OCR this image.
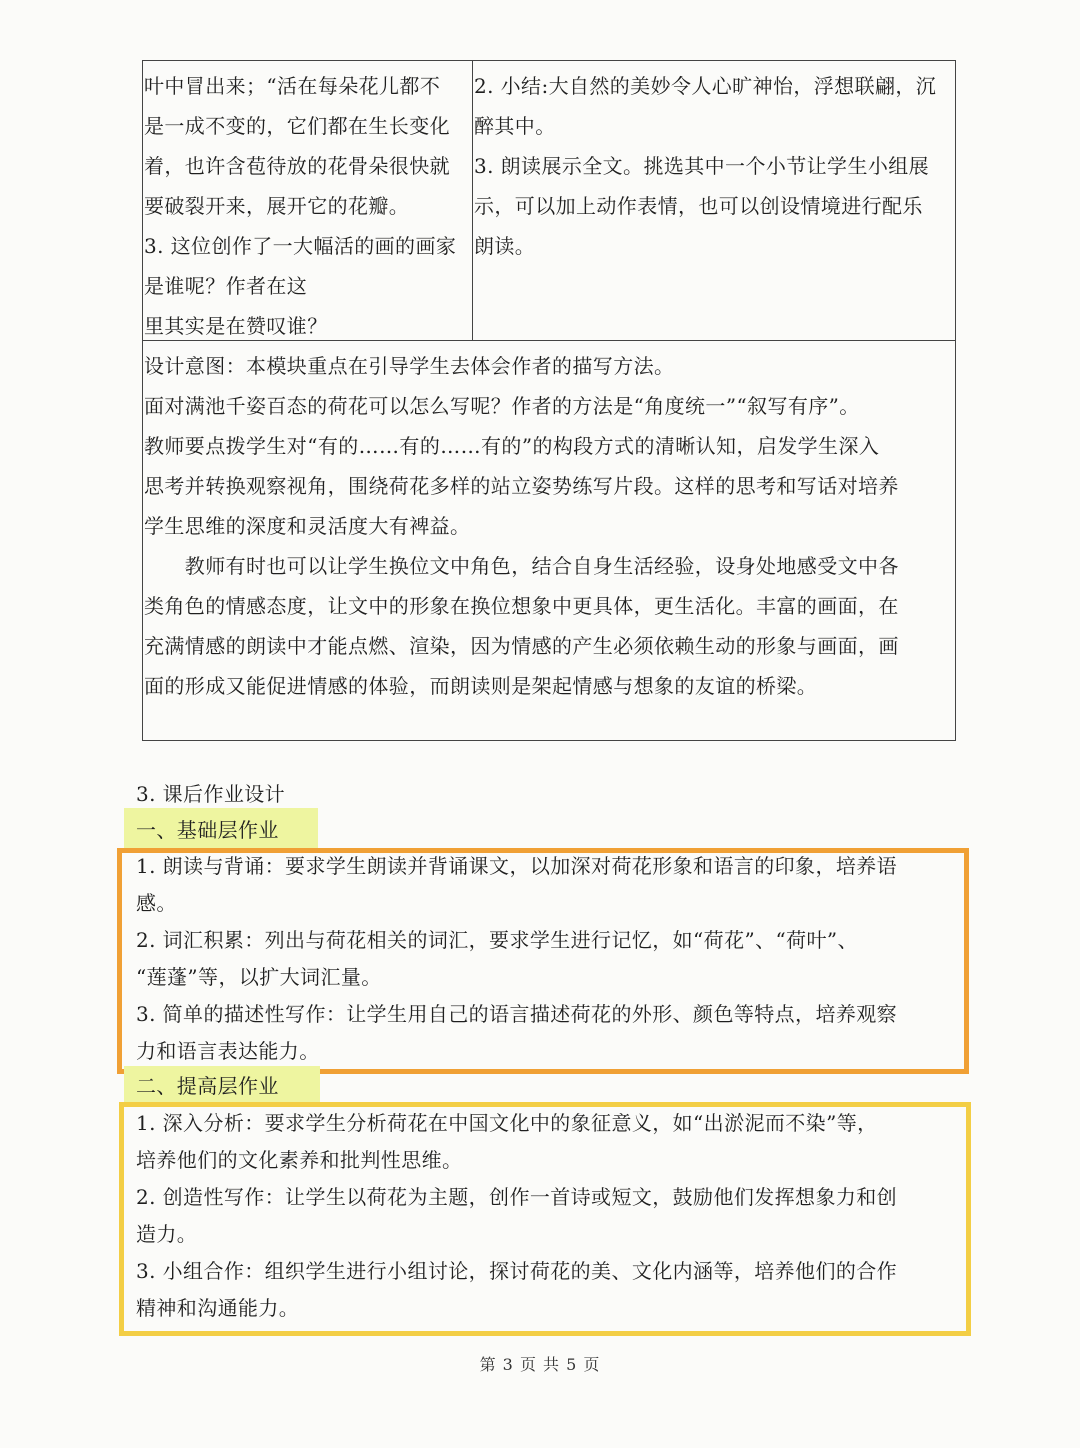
叶中冒出来；“活在每朵花儿都不
是一成不变的，它们都在生长变化
着，也许含苞待放的花骨朵很快就
要破裂开来，展开它的花瓣。
3. 这位创作了一大幅活的画的画家
是谁呢？作者在这
里其实是在赞叹谁？
2. 小结:大自然的美妙令人心旷神怡，浮想联翩，沉
醉其中。
3. 朗读展示全文。挑选其中一个小节让学生小组展
示，可以加上动作表情，也可以创设情境进行配乐
朗读。
设计意图：本模块重点在引导学生去体会作者的描写方法。
面对满池千姿百态的荷花可以怎么写呢？作者的方法是“角度统一”“叙写有序”。
教师要点拨学生对“有的……有的……有的”的构段方式的清晰认知，启发学生深入
思考并转换观察视角，围绕荷花多样的站立姿势练写片段。这样的思考和写话对培养
学生思维的深度和灵活度大有裨益。
　　教师有时也可以让学生换位文中角色，结合自身生活经验，设身处地感受文中各
类角色的情感态度，让文中的形象在换位想象中更具体，更生活化。丰富的画面，在
充满情感的朗读中才能点燃、渲染，因为情感的产生必须依赖生动的形象与画面，画
面的形成又能促进情感的体验，而朗读则是架起情感与想象的友谊的桥梁。
3. 课后作业设计
一、基础层作业
1. 朗读与背诵：要求学生朗读并背诵课文，以加深对荷花形象和语言的印象，培养语
感。
2. 词汇积累：列出与荷花相关的词汇，要求学生进行记忆，如“荷花”、“荷叶”、
“莲蓬”等，以扩大词汇量。
3. 简单的描述性写作：让学生用自己的语言描述荷花的外形、颜色等特点，培养观察
力和语言表达能力。
二、提高层作业
1. 深入分析：要求学生分析荷花在中国文化中的象征意义，如“出淤泥而不染”等，
培养他们的文化素养和批判性思维。
2. 创造性写作：让学生以荷花为主题，创作一首诗或短文，鼓励他们发挥想象力和创
造力。
3. 小组合作：组织学生进行小组讨论，探讨荷花的美、文化内涵等，培养他们的合作
精神和沟通能力。
第 3 页 共 5 页
